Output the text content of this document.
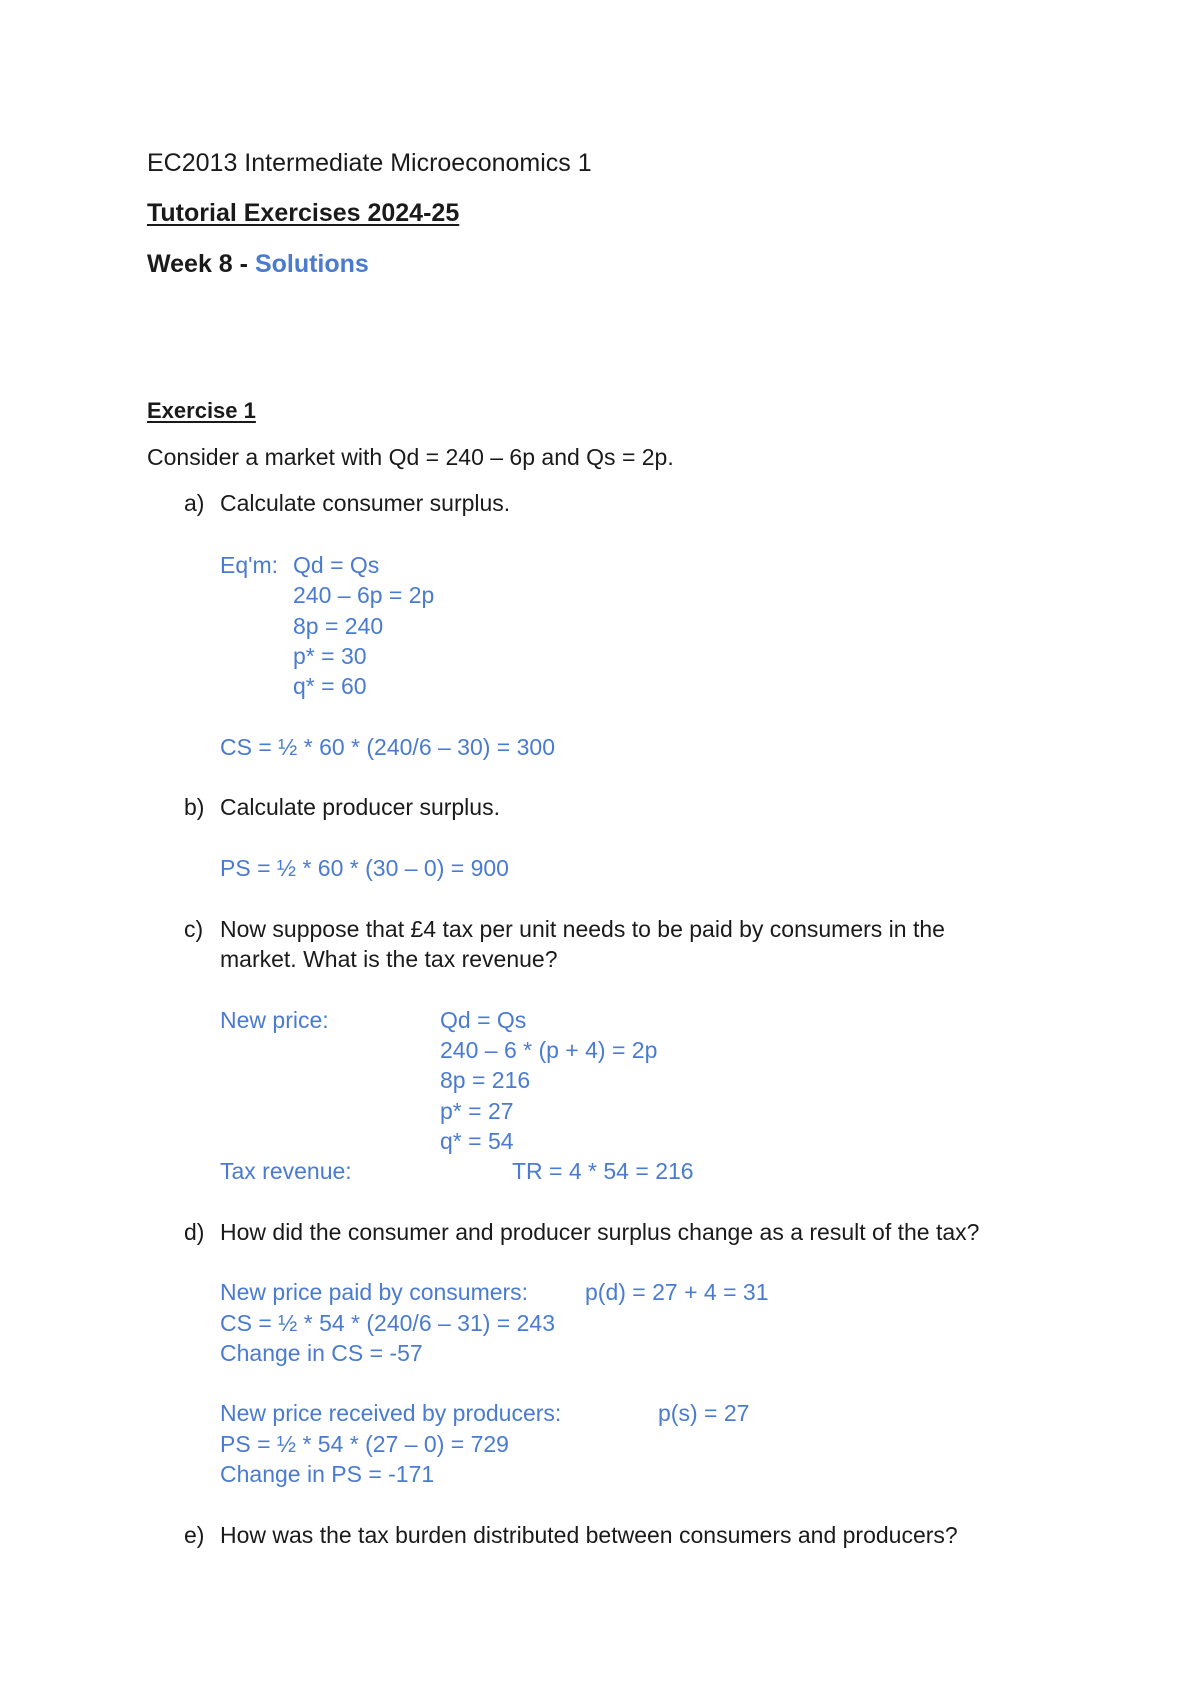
EC2013 Intermediate Microeconomics 1
Tutorial Exercises 2024-25
Week 8 - Solutions
Exercise 1
Consider a market with Qd = 240 – 6p and Qs = 2p.
a) Calculate consumer surplus.
Eq'm: Qd = Qs
240 – 6p = 2p
8p = 240
p* = 30
q* = 60
CS = ½ * 60 * (240/6 – 30) = 300
b) Calculate producer surplus.
PS = ½ * 60 * (30 – 0) = 900
c) Now suppose that £4 tax per unit needs to be paid by consumers in the
market. What is the tax revenue?
New price:	Qd = Qs
240 – 6 * (p + 4) = 2p
8p = 216
p* = 27
q* = 54
Tax revenue:	TR = 4 * 54 = 216
d) How did the consumer and producer surplus change as a result of the tax?
New price paid by consumers: p(d) = 27 + 4 = 31
CS = ½ * 54 * (240/6 – 31) = 243
Change in CS = -57
New price received by producers:	p(s) = 27
PS = ½ * 54 * (27 – 0) = 729
Change in PS = -171
e) How was the tax burden distributed between consumers and producers?
